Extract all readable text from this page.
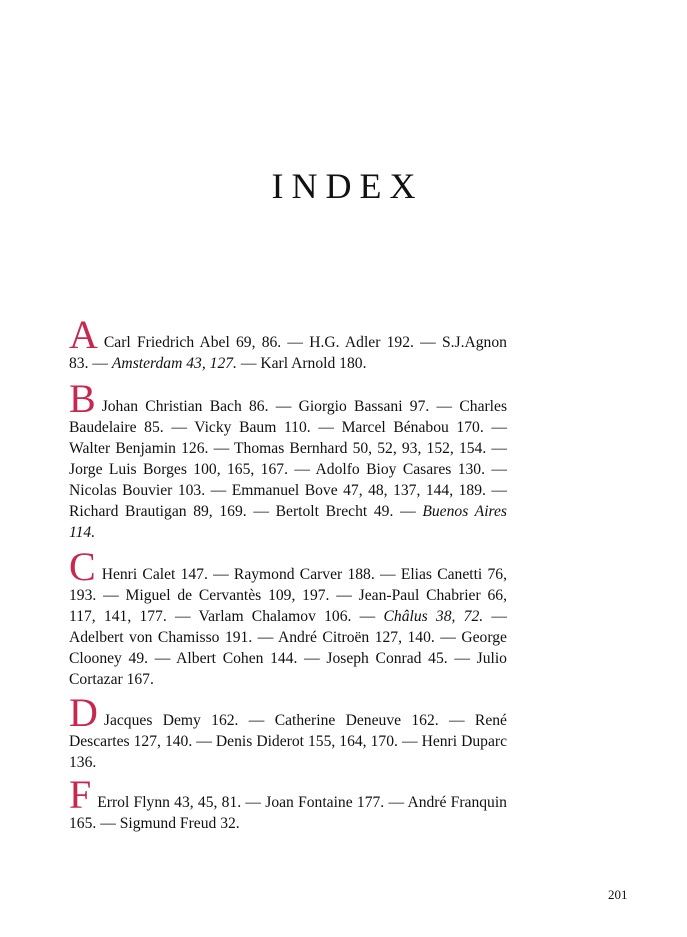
INDEX

A Carl Friedrich Abel 69, 86. — H.G. Adler 192. — S.J.Agnon 83. — Amsterdam 43, 127. — Karl Arnold 180.

B Johan Christian Bach 86. — Giorgio Bassani 97. — Charles Baudelaire 85. — Vicky Baum 110. — Marcel Bénabou 170. — Walter Benjamin 126. — Thomas Bernhard 50, 52, 93, 152, 154. — Jorge Luis Borges 100, 165, 167. — Adolfo Bioy Casares 130. — Nicolas Bouvier 103. — Emmanuel Bove 47, 48, 137, 144, 189. — Richard Brautigan 89, 169. — Bertolt Brecht 49. — Buenos Aires 114.

C Henri Calet 147. — Raymond Carver 188. — Elias Canetti 76, 193. — Miguel de Cervantès 109, 197. — Jean-Paul Chabrier 66, 117, 141, 177. — Varlam Chalamov 106. — Châlus 38, 72. — Adelbert von Chamisso 191. — André Citroën 127, 140. — George Clooney 49. — Albert Cohen 144. — Joseph Conrad 45. — Julio Cortazar 167.

D Jacques Demy 162. — Catherine Deneuve 162. — René Descartes 127, 140. — Denis Diderot 155, 164, 170. — Henri Duparc 136.

F Errol Flynn 43, 45, 81. — Joan Fontaine 177. — André Franquin 165. — Sigmund Freud 32.

201
